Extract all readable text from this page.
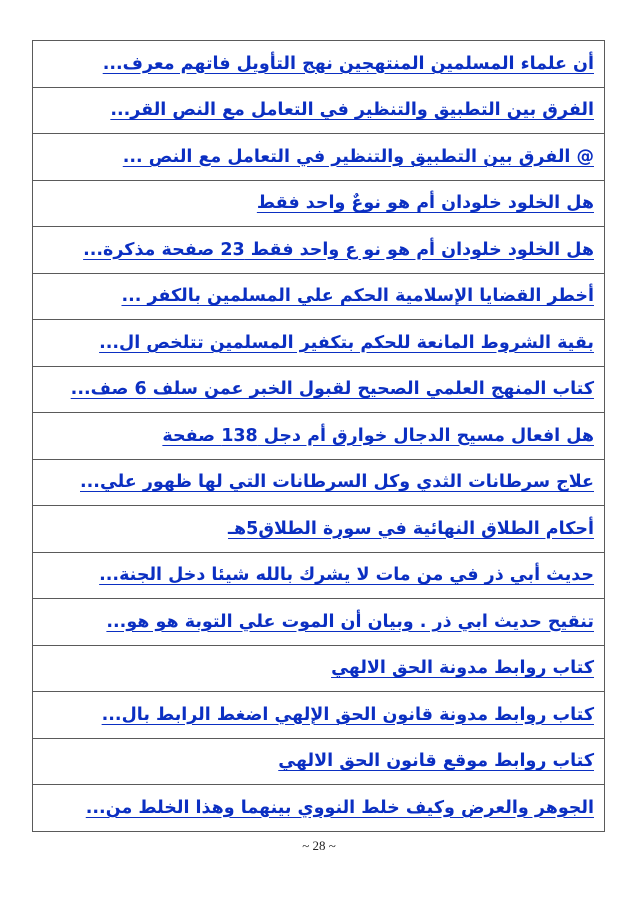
أن علماء المسلمين المنتهجين نهج التأويل فاتهم معرف...
الفرق بين التطبيق والتنظير في التعامل مع النص القر...
@ الفرق بين التطبيق والتنظير في التعامل مع النص ...
هل الخلود خلودان أم هو نوعٌ واحد فقط
هل الخلود خلودان أم هو نو ع واحد فقط 23 صفحة مذكرة...
أخطر القضايا الإسلامية الحكم علي المسلمين بالكفر ...
بقية الشروط المانعة للحكم بتكفير المسلمين تتلخص ال...
كتاب المنهج العلمي الصحيح لقبول الخبر عمن سلف 6 صف...
هل افعال مسيح الدجال خوارق أم دجل 138 صفحة
علاج سرطانات الثدي وكل السرطانات التي لها ظهور علي...
أحكام الطلاق النهائية في سورة الطلاق5هـ
حديث أبي ذر في من مات لا يشرك بالله شيئا دخل الجنة...
تنقيح حديث ابي ذر . وبيان أن الموت علي التوبة هو هو...
كتاب روابط مدونة الحق الالهي
كتاب روابط مدونة قانون الحق الإلهي اضغط الرابط بال...
كتاب روابط موقع قانون الحق الالهي
الجوهر والعرض وكيف خلط النووي بينهما وهذا الخلط من...
~ 28 ~
